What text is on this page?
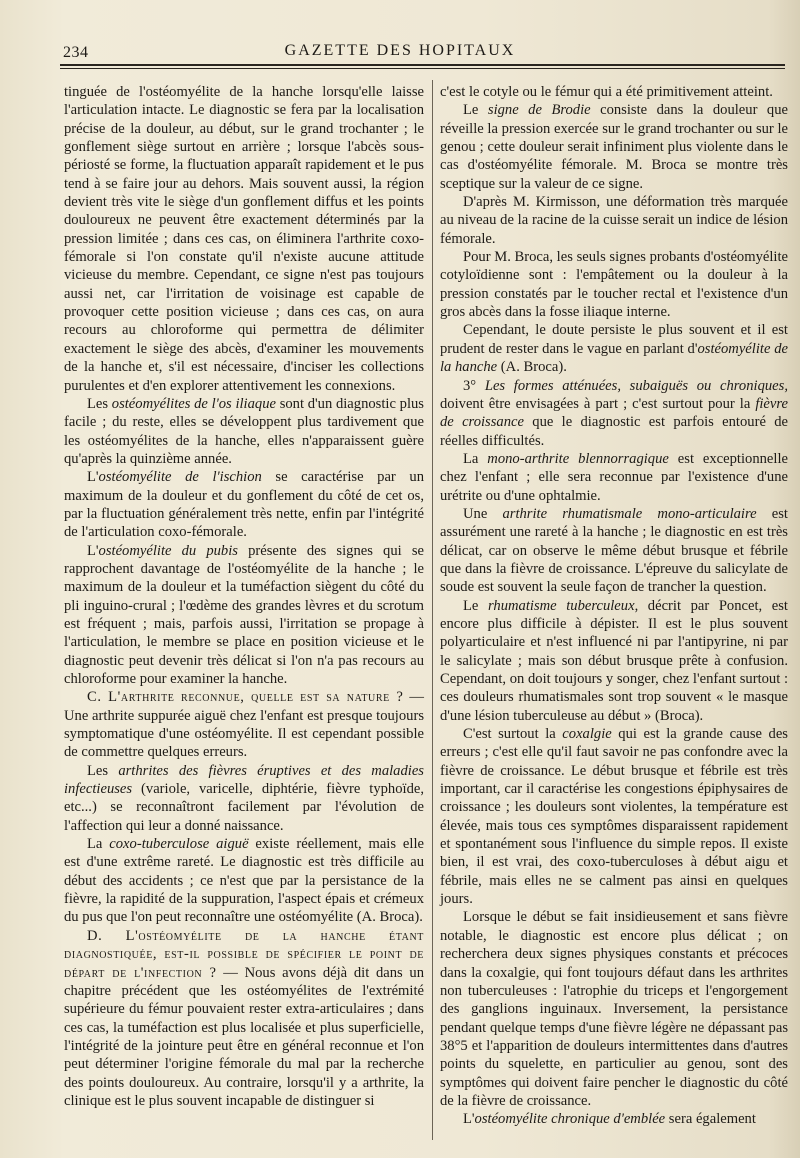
234	GAZETTE DES HOPITAUX

tinguée de l'ostéomyélite de la hanche lorsqu'elle laisse l'articulation intacte. Le diagnostic se fera par la localisation précise de la douleur, au début, sur le grand trochanter ; le gonflement siège surtout en arrière ; lorsque l'abcès sous-périosté se forme, la fluctuation apparaît rapidement et le pus tend à se faire jour au dehors. Mais souvent aussi, la région devient très vite le siège d'un gonflement diffus et les points douloureux ne peuvent être exactement déterminés par la pression limitée ; dans ces cas, on éliminera l'arthrite coxo-fémorale si l'on constate qu'il n'existe aucune attitude vicieuse du membre. Cependant, ce signe n'est pas toujours aussi net, car l'irritation de voisinage est capable de provoquer cette position vicieuse ; dans ces cas, on aura recours au chloroforme qui permettra de délimiter exactement le siège des abcès, d'examiner les mouvements de la hanche et, s'il est nécessaire, d'inciser les collections purulentes et d'en explorer attentivement les connexions.

Les ostéomyélites de l'os iliaque sont d'un diagnostic plus facile ; du reste, elles se développent plus tardivement que les ostéomyélites de la hanche, elles n'apparaissent guère qu'après la quinzième année.

L'ostéomyélite de l'ischion se caractérise par un maximum de la douleur et du gonflement du côté de cet os, par la fluctuation généralement très nette, enfin par l'intégrité de l'articulation coxo-fémorale.

L'ostéomyélite du pubis présente des signes qui se rapprochent davantage de l'ostéomyélite de la hanche ; le maximum de la douleur et la tuméfaction siègent du côté du pli inguino-crural ; l'œdème des grandes lèvres et du scrotum est fréquent ; mais, parfois aussi, l'irritation se propage à l'articulation, le membre se place en position vicieuse et le diagnostic peut devenir très délicat si l'on n'a pas recours au chloroforme pour examiner la hanche.

C. L'arthrite reconnue, quelle est sa nature ? — Une arthrite suppurée aiguë chez l'enfant est presque toujours symptomatique d'une ostéomyélite. Il est cependant possible de commettre quelques erreurs.

Les arthrites des fièvres éruptives et des maladies infectieuses (variole, varicelle, diphtérie, fièvre typhoïde, etc...) se reconnaîtront facilement par l'évolution de l'affection qui leur a donné naissance.

La coxo-tuberculose aiguë existe réellement, mais elle est d'une extrême rareté. Le diagnostic est très difficile au début des accidents ; ce n'est que par la persistance de la fièvre, la rapidité de la suppuration, l'aspect épais et crémeux du pus que l'on peut reconnaître une ostéomyélite (A. Broca).

D. L'ostéomyélite de la hanche étant diagnostiquée, est-il possible de spécifier le point de départ de l'infection ? — Nous avons déjà dit dans un chapitre précédent que les ostéomyélites de l'extrémité supérieure du fémur pouvaient rester extra-articulaires ; dans ces cas, la tuméfaction est plus localisée et plus superficielle, l'intégrité de la jointure peut être en général reconnue et l'on peut déterminer l'origine fémorale du mal par la recherche des points douloureux. Au contraire, lorsqu'il y a arthrite, la clinique est le plus souvent incapable de distinguer si

c'est le cotyle ou le fémur qui a été primitivement atteint.

Le signe de Brodie consiste dans la douleur que réveille la pression exercée sur le grand trochanter ou sur le genou ; cette douleur serait infiniment plus violente dans le cas d'ostéomyélite fémorale. M. Broca se montre très sceptique sur la valeur de ce signe.

D'après M. Kirmisson, une déformation très marquée au niveau de la racine de la cuisse serait un indice de lésion fémorale.

Pour M. Broca, les seuls signes probants d'ostéomyélite cotyloïdienne sont : l'empâtement ou la douleur à la pression constatés par le toucher rectal et l'existence d'un gros abcès dans la fosse iliaque interne.

Cependant, le doute persiste le plus souvent et il est prudent de rester dans le vague en parlant d'ostéomyélite de la hanche (A. Broca).

3° Les formes atténuées, subaiguës ou chroniques, doivent être envisagées à part ; c'est surtout pour la fièvre de croissance que le diagnostic est parfois entouré de réelles difficultés.

La mono-arthrite blennorragique est exceptionnelle chez l'enfant ; elle sera reconnue par l'existence d'une urétrite ou d'une ophtalmie.

Une arthrite rhumatismale mono-articulaire est assurément une rareté à la hanche ; le diagnostic en est très délicat, car on observe le même début brusque et fébrile que dans la fièvre de croissance. L'épreuve du salicylate de soude est souvent la seule façon de trancher la question.

Le rhumatisme tuberculeux, décrit par Poncet, est encore plus difficile à dépister. Il est le plus souvent polyarticulaire et n'est influencé ni par l'antipyrine, ni par le salicylate ; mais son début brusque prête à confusion. Cependant, on doit toujours y songer, chez l'enfant surtout : ces douleurs rhumatismales sont trop souvent « le masque d'une lésion tuberculeuse au début » (Broca).

C'est surtout la coxalgie qui est la grande cause des erreurs ; c'est elle qu'il faut savoir ne pas confondre avec la fièvre de croissance. Le début brusque et fébrile est très important, car il caractérise les congestions épiphysaires de croissance ; les douleurs sont violentes, la température est élevée, mais tous ces symptômes disparaissent rapidement et spontanément sous l'influence du simple repos. Il existe bien, il est vrai, des coxo-tuberculoses à début aigu et fébrile, mais elles ne se calment pas ainsi en quelques jours.

Lorsque le début se fait insidieusement et sans fièvre notable, le diagnostic est encore plus délicat ; on recherchera deux signes physiques constants et précoces dans la coxalgie, qui font toujours défaut dans les arthrites non tuberculeuses : l'atrophie du triceps et l'engorgement des ganglions inguinaux. Inversement, la persistance pendant quelque temps d'une fièvre légère ne dépassant pas 38°5 et l'apparition de douleurs intermittentes dans d'autres points du squelette, en particulier au genou, sont des symptômes qui doivent faire pencher le diagnostic du côté de la fièvre de croissance.

L'ostéomyélite chronique d'emblée sera également
